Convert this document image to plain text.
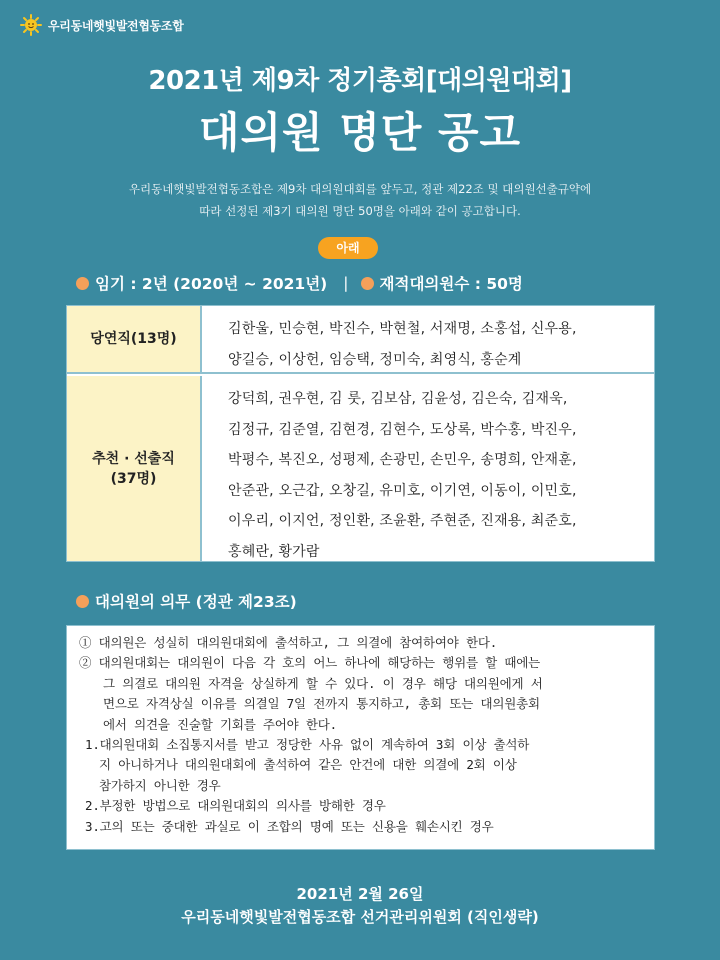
우리동네햇빛발전협동조합
2021년 제9차 정기총회[대의원대회]
대의원 명단 공고
우리동네햇빛발전협동조합은 제9차 대의원대회를 앞두고, 정관 제22조 및 대의원선출규약에
따라 선정된 제3기 대의원 명단 50명을 아래와 같이 공고합니다.
아래
임기 : 2년 (2020년 ~ 2021년) | 재적대의원수 : 50명
당연직(13명)
김한울, 민승현, 박진수, 박현철, 서재명, 소홍섭, 신우용,
양길승, 이상헌, 임승택, 정미숙, 최영식, 홍순계
추천 · 선출직
(37명)
강덕희, 권우현, 김 룻, 김보삼, 김윤성, 김은숙, 김재욱,
김정규, 김준열, 김현경, 김현수, 도상록, 박수홍, 박진우,
박평수, 복진오, 성평제, 손광민, 손민우, 송명희, 안재훈,
안준관, 오근갑, 오창길, 유미호, 이기연, 이동이, 이민호,
이우리, 이지언, 정인환, 조윤환, 주현준, 진재용, 최준호,
홍혜란, 황가람
대의원의 의무 (정관 제23조)
① 대의원은 성실히 대의원대회에 출석하고, 그 의결에 참여하여야 한다.
② 대의원대회는 대의원이 다음 각 호의 어느 하나에 해당하는 행위를 할 때에는
그 의결로 대의원 자격을 상실하게 할 수 있다. 이 경우 해당 대의원에게 서
면으로 자격상실 이유를 의결일 7일 전까지 통지하고, 총회 또는 대의원총회
에서 의견을 진술할 기회를 주어야 한다.
1.대의원대회 소집통지서를 받고 정당한 사유 없이 계속하여 3회 이상 출석하
지 아니하거나 대의원대회에 출석하여 같은 안건에 대한 의결에 2회 이상
참가하지 아니한 경우
2.부정한 방법으로 대의원대회의 의사를 방해한 경우
3.고의 또는 중대한 과실로 이 조합의 명예 또는 신용을 훼손시킨 경우
2021년 2월 26일
우리동네햇빛발전협동조합 선거관리위원회 (직인생략)
